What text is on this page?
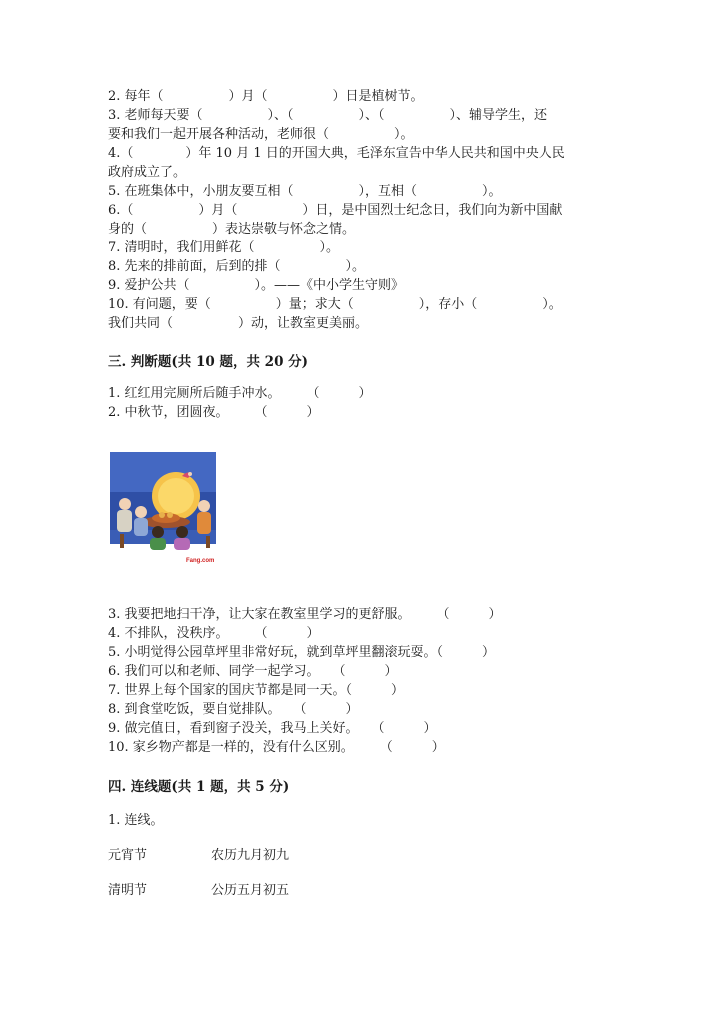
2. 每年（　　　　　）月（　　　　　）日是植树节。
3. 老师每天要（　　　　　）、（　　　　　）、（　　　　　）、辅导学生，还
要和我们一起开展各种活动，老师很（　　　　　）。
4.（　　　　）年 10 月 1 日的开国大典，毛泽东宣告中华人民共和国中央人民
政府成立了。
5. 在班集体中，小朋友要互相（　　　　　），互相（　　　　　）。
6.（　　　　　）月（　　　　　）日，是中国烈士纪念日，我们向为新中国献
身的（　　　　　）表达崇敬与怀念之情。
7. 清明时，我们用鲜花（　　　　　）。
8. 先来的排前面，后到的排（　　　　　）。
9. 爱护公共（　　　　　）。——《中小学生守则》
10. 有问题，要（　　　　　）量；求大（　　　　　），存小（　　　　　）。
我们共同（　　　　　）动，让教室更美丽。
三. 判断题(共 10 题，共 20 分)
1. 红红用完厕所后随手冲水。　　　（　　　）
2. 中秋节，团圆夜。　　　（　　　）
Fang.com
3. 我要把地扫干净，让大家在教室里学习的更舒服。　　　（　　　）
4. 不排队，没秩序。　　　（　　　）
5. 小明觉得公园草坪里非常好玩，就到草坪里翻滚玩耍。（　　　）
6. 我们可以和老师、同学一起学习。　　（　　　）
7. 世界上每个国家的国庆节都是同一天。（　　　）
8. 到食堂吃饭，要自觉排队。　　（　　　）
9. 做完值日，看到窗子没关，我马上关好。　　（　　　）
10. 家乡物产都是一样的，没有什么区别。　　　（　　　）
四. 连线题(共 1 题，共 5 分)
1. 连线。
元宵节	农历九月初九
清明节	公历五月初五
